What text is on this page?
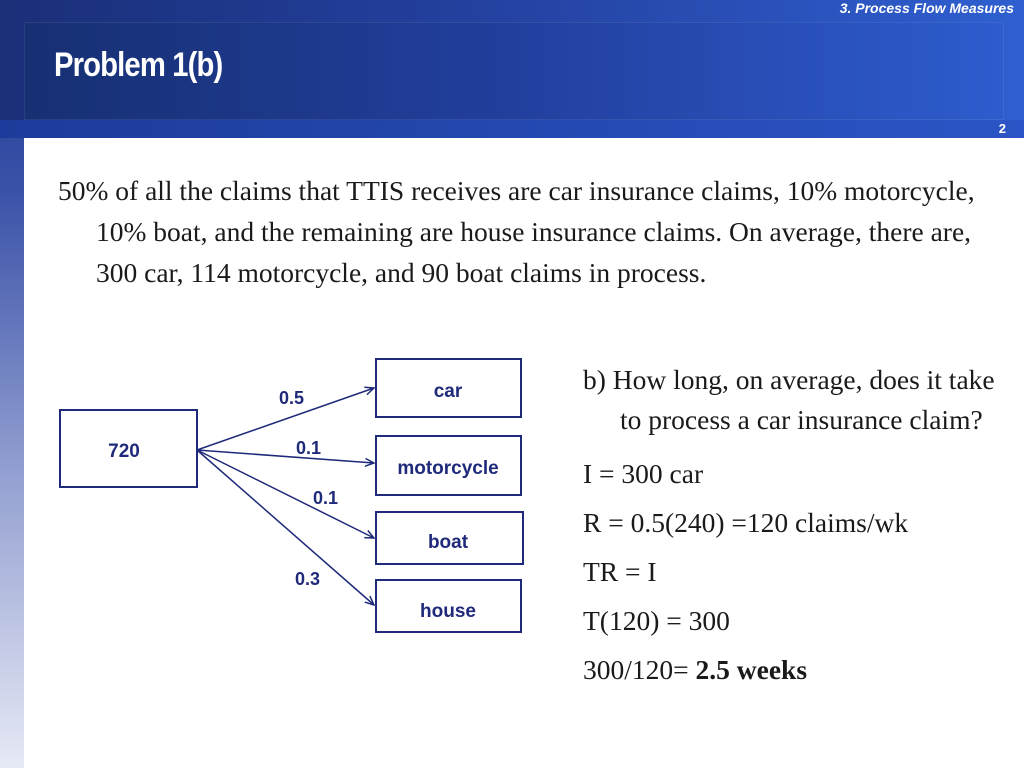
3. Process Flow Measures
Problem 1(b)
2
50% of all the claims that TTIS receives are car insurance claims, 10% motorcycle, 10% boat, and the remaining are house insurance claims. On average, there are, 300 car, 114 motorcycle, and 90 boat claims in process.
720
car
motorcycle
boat
house
0.5
0.1
0.1
0.3
b) How long, on average, does it take to process a car insurance claim?
I = 300 car
R = 0.5(240) =120 claims/wk
TR = I
T(120) = 300
300/120= 2.5 weeks
